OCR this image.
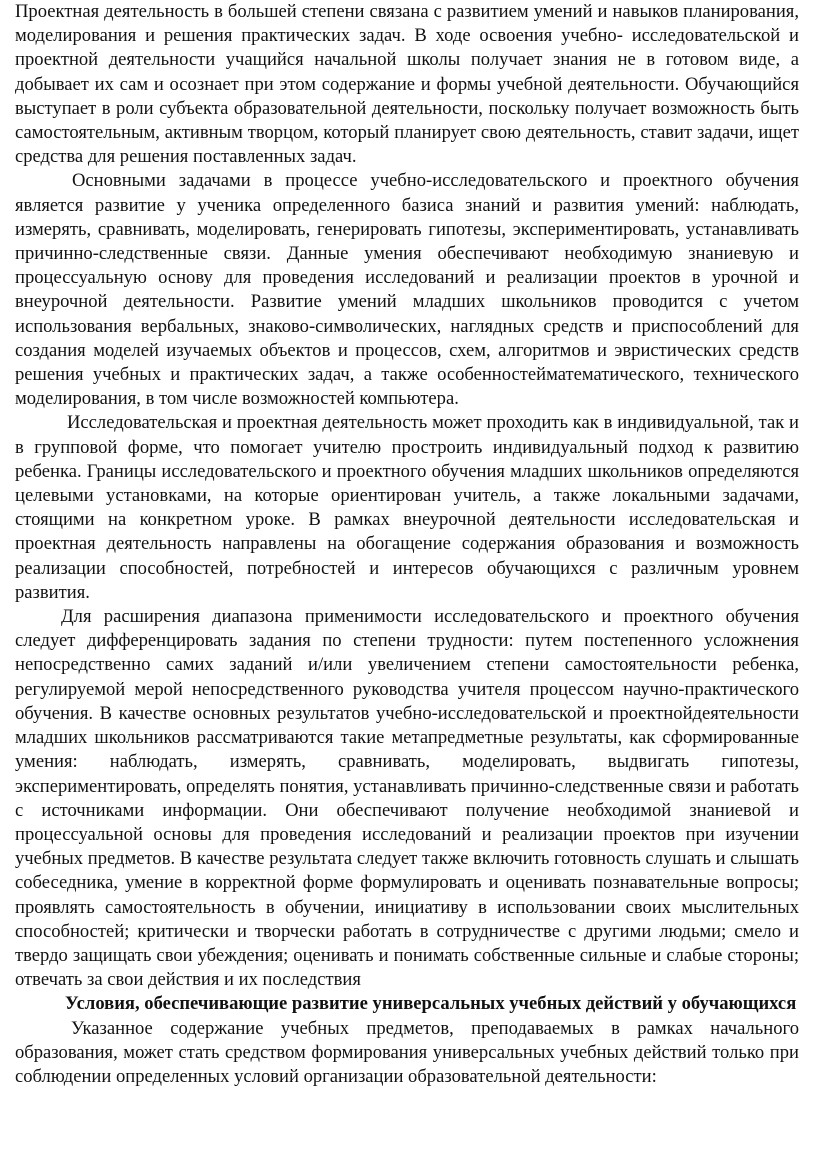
Проектная деятельность в большей степени связана с развитием умений и навыков планирования, моделирования и решения практических задач. В ходе освоения учебно- исследовательской и проектной деятельности учащийся начальной школы получает знания не в готовом виде, а добывает их сам и осознает при этом содержание и формы учебной деятельности. Обучающийся выступает в роли субъекта образовательной деятельности, поскольку получает возможность быть самостоятельным, активным творцом, который планирует свою деятельность, ставит задачи, ищет средства для решения поставленных задач.

Основными задачами в процессе учебно-исследовательского и проектного обучения является развитие у ученика определенного базиса знаний и развития умений: наблюдать, измерять, сравнивать, моделировать, генерировать гипотезы, экспериментировать, устанавливать причинно-следственные связи. Данные умения обеспечивают необходимую знаниевую и процессуальную основу для проведения исследований и реализации проектов в урочной и внеурочной деятельности. Развитие умений младших школьников проводится с учетом использования вербальных, знаково-символических, наглядных средств и приспособлений для создания моделей изучаемых объектов и процессов, схем, алгоритмов и эвристических средств решения учебных и практических задач, а также особенностейматематического, технического моделирования, в том числе возможностей компьютера.

Исследовательская и проектная деятельность может проходить как в индивидуальной, так и в групповой форме, что помогает учителю простроить индивидуальный подход к развитию ребенка. Границы исследовательского и проектного обучения младших школьников определяются целевыми установками, на которые ориентирован учитель, а также локальными задачами, стоящими на конкретном уроке. В рамках внеурочной деятельности исследовательская и проектная деятельность направлены на обогащение содержания образования и возможность реализации способностей, потребностей и интересов обучающихся с различным уровнем развития.

Для расширения диапазона применимости исследовательского и проектного обучения следует дифференцировать задания по степени трудности: путем постепенного усложнения непосредственно самих заданий и/или увеличением степени самостоятельности ребенка, регулируемой мерой непосредственного руководства учителя процессом научно-практического обучения. В качестве основных результатов учебно-исследовательской и проектнойдеятельности младших школьников рассматриваются такие метапредметные результаты, как сформированные умения: наблюдать, измерять, сравнивать, моделировать, выдвигать гипотезы, экспериментировать, определять понятия, устанавливать причинно-следственные связи и работать с источниками информации. Они обеспечивают получение необходимой знаниевой и процессуальной основы для проведения исследований и реализации проектов при изучении учебных предметов. В качестве результата следует также включить готовность слушать и слышать собеседника, умение в корректной форме формулировать и оценивать познавательные вопросы; проявлять самостоятельность в обучении, инициативу в использовании своих мыслительных способностей; критически и творчески работать в сотрудничестве с другими людьми; смело и твердо защищать свои убеждения; оценивать и понимать собственные сильные и слабые стороны; отвечать за свои действия и их последствия

Условия, обеспечивающие развитие универсальных учебных действий у обучающихся

Указанное содержание учебных предметов, преподаваемых в рамках начального образования, может стать средством формирования универсальных учебных действий только при соблюдении определенных условий организации образовательной деятельности:
